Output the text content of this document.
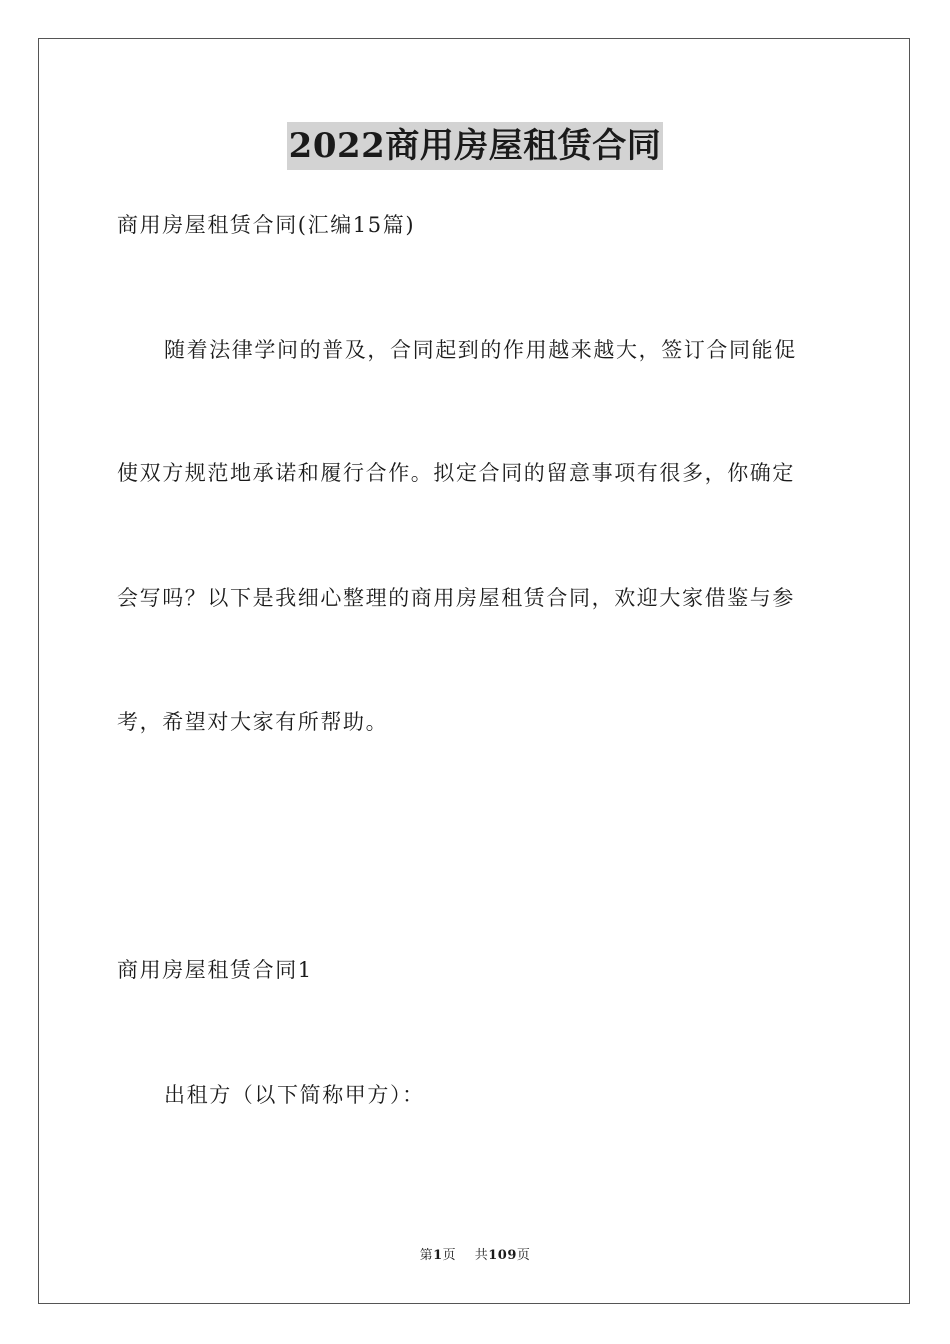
2022商用房屋租赁合同
商用房屋租赁合同(汇编15篇)
随着法律学问的普及，合同起到的作用越来越大，签订合同能促
使双方规范地承诺和履行合作。拟定合同的留意事项有很多，你确定
会写吗？以下是我细心整理的商用房屋租赁合同，欢迎大家借鉴与参
考，希望对大家有所帮助。
商用房屋租赁合同1
出租方（以下简称甲方）：
第1页 共109页
